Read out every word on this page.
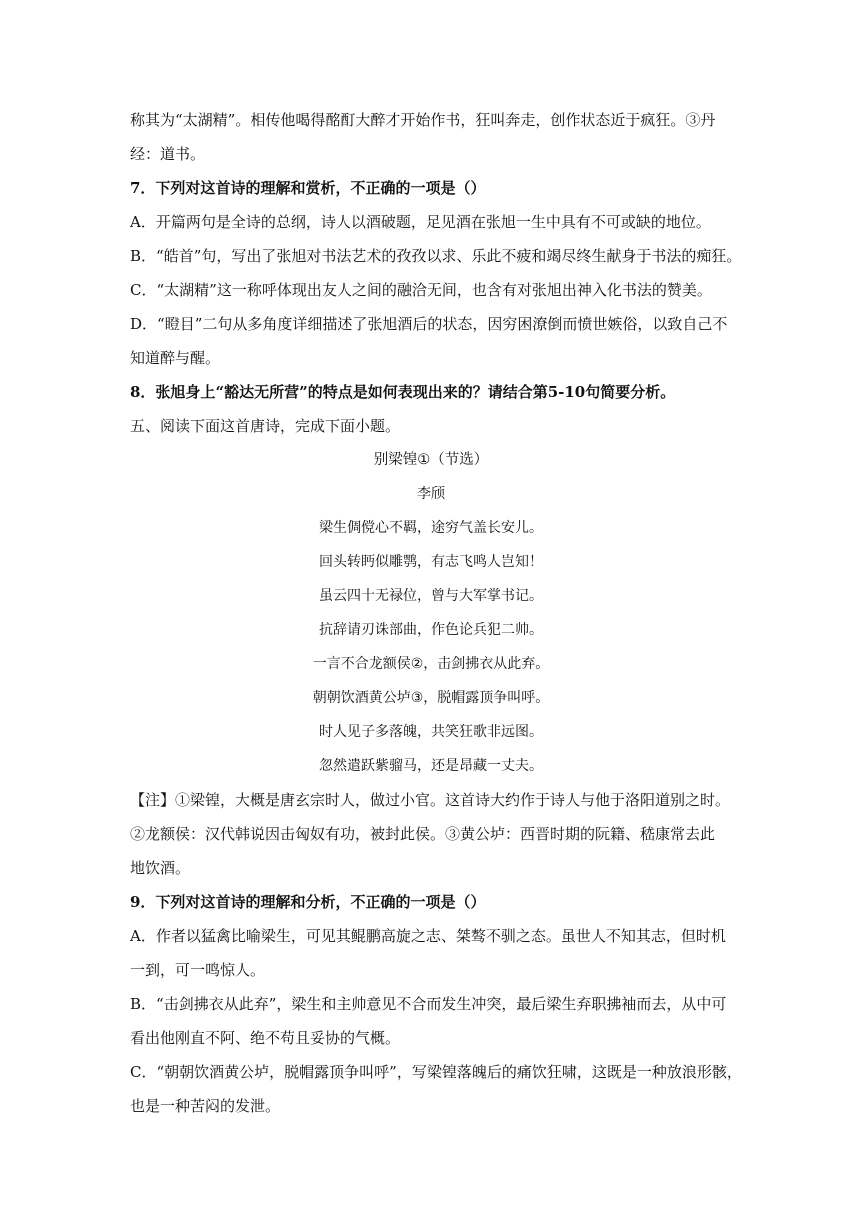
称其为“太湖精”。相传他喝得酩酊大醉才开始作书，狂叫奔走，创作状态近于疯狂。③丹
经：道书。
7．下列对这首诗的理解和赏析，不正确的一项是（）
A．开篇两句是全诗的总纲，诗人以酒破题，足见酒在张旭一生中具有不可或缺的地位。
B．“皓首”句，写出了张旭对书法艺术的孜孜以求、乐此不疲和竭尽终生献身于书法的痴狂。
C．“太湖精”这一称呼体现出友人之间的融洽无间，也含有对张旭出神入化书法的赞美。
D．“瞪目”二句从多角度详细描述了张旭酒后的状态，因穷困潦倒而愤世嫉俗，以致自己不
知道醉与醒。
8．张旭身上“豁达无所营”的特点是如何表现出来的？请结合第5-10句简要分析。
五、阅读下面这首唐诗，完成下面小题。
别梁锽①（节选）
李颀
梁生倜傥心不羁，途穷气盖长安儿。
回头转眄似雕鹗，有志飞鸣人岂知！
虽云四十无禄位，曾与大军掌书记。
抗辞请刃诛部曲，作色论兵犯二帅。
一言不合龙额侯②，击剑拂衣从此弃。
朝朝饮酒黄公垆③，脱帽露顶争叫呼。
时人见子多落魄，共笑狂歌非远图。
忽然遣跃紫骝马，还是昂藏一丈夫。
【注】①梁锽，大概是唐玄宗时人，做过小官。这首诗大约作于诗人与他于洛阳道别之时。
②龙额侯：汉代韩说因击匈奴有功，被封此侯。③黄公垆：西晋时期的阮籍、嵇康常去此
地饮酒。
9．下列对这首诗的理解和分析，不正确的一项是（）
A．作者以猛禽比喻梁生，可见其鲲鹏高旋之志、桀骜不驯之态。虽世人不知其志，但时机
一到，可一鸣惊人。
B．“击剑拂衣从此弃”，梁生和主帅意见不合而发生冲突，最后梁生弃职拂袖而去，从中可
看出他刚直不阿、绝不苟且妥协的气概。
C．“朝朝饮酒黄公垆，脱帽露顶争叫呼”，写梁锽落魄后的痛饮狂啸，这既是一种放浪形骸，
也是一种苦闷的发泄。
